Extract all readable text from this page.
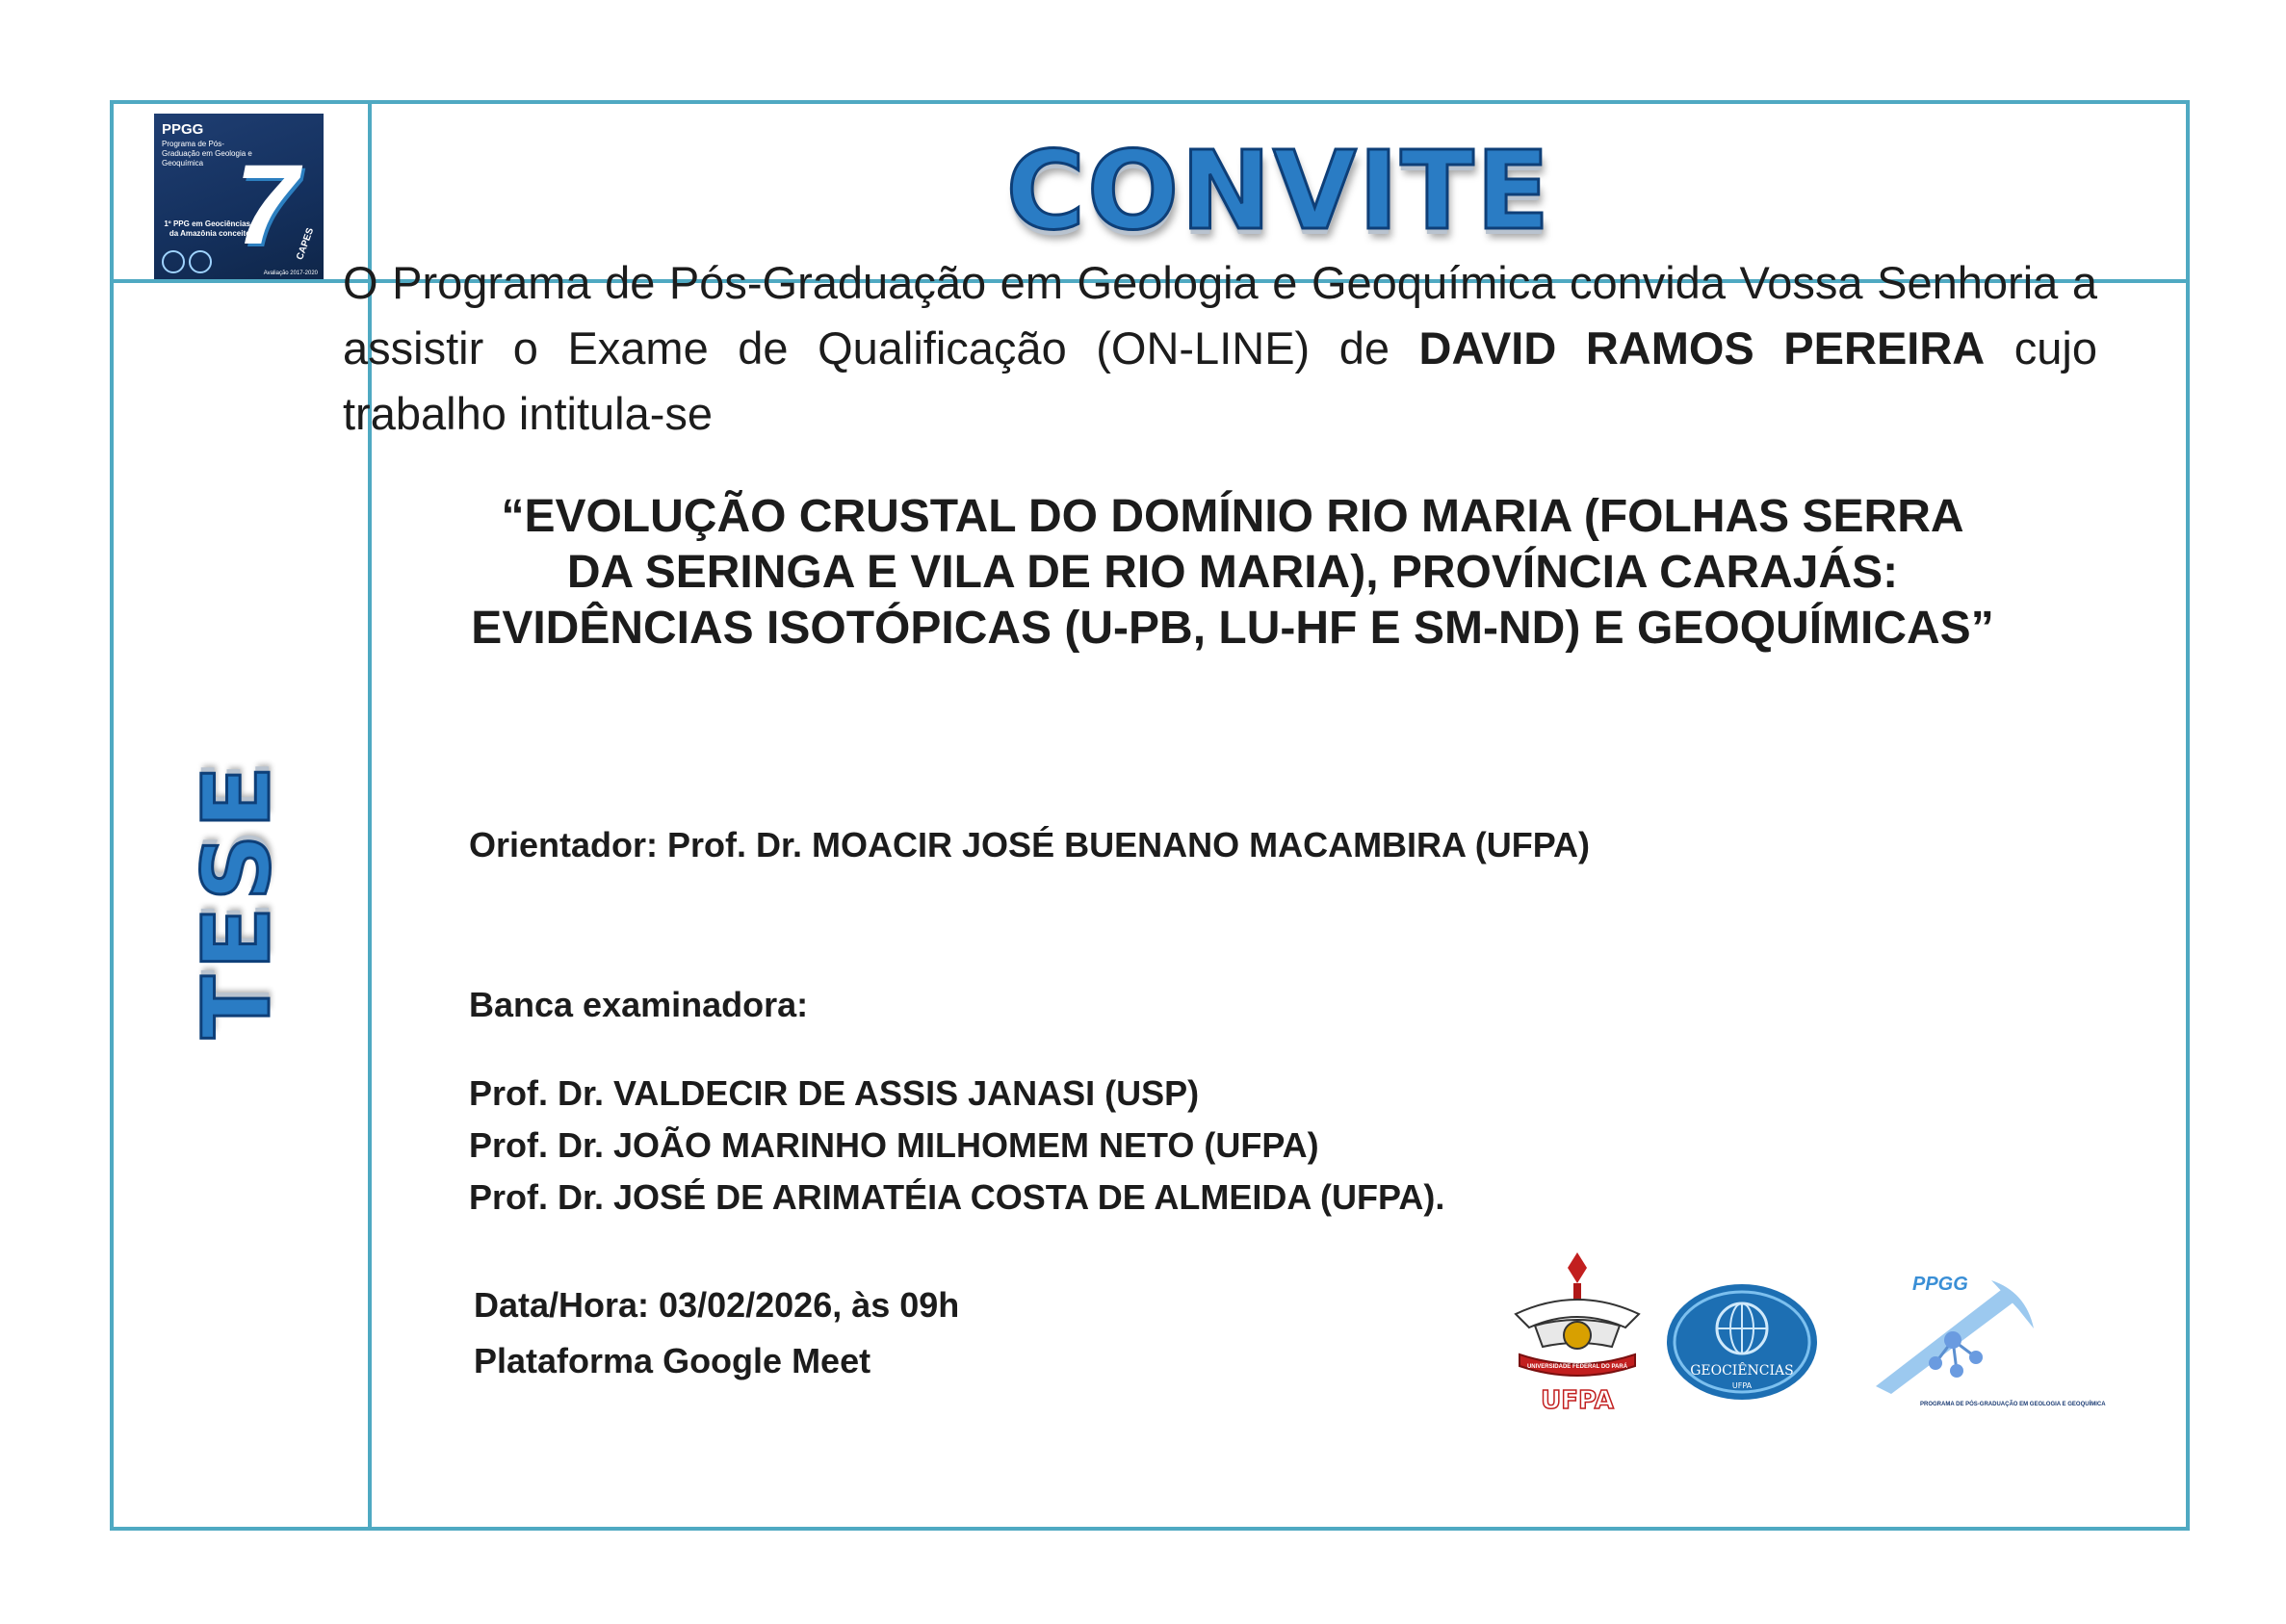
PPGG
Programa de Pós-Graduação em Geologia e Geoquímica 7
1º PPG em Geociências da Amazônia conceito	CAPES
Avaliação 2017-2020
CONVITE
TESE
O Programa de Pós-Graduação em Geologia e Geoquímica convida Vossa Senhoria a assistir o Exame de Qualificação (ON-LINE) de DAVID RAMOS PEREIRA cujo trabalho intitula-se
“EVOLUÇÃO CRUSTAL DO DOMÍNIO RIO MARIA (FOLHAS SERRA
DA SERINGA E VILA DE RIO MARIA), PROVÍNCIA CARAJÁS:
EVIDÊNCIAS ISOTÓPICAS (U-PB, LU-HF E SM-ND) E GEOQUÍMICAS”
Orientador: Prof. Dr. MOACIR JOSÉ BUENANO MACAMBIRA (UFPA)
Banca examinadora:
Prof. Dr. VALDECIR DE ASSIS JANASI (USP)
Prof. Dr. JOÃO MARINHO MILHOMEM NETO (UFPA)
Prof. Dr. JOSÉ DE ARIMATÉIA COSTA DE ALMEIDA (UFPA).
Data/Hora: 03/02/2026, às 09h
Plataforma Google Meet	UNIVERSIDADE FEDERAL DO PARÁ
UFPA
GEOCIÊNCIAS
UFPA
PPGG
PROGRAMA DE PÓS-GRADUAÇÃO EM GEOLOGIA E GEOQUÍMICA
